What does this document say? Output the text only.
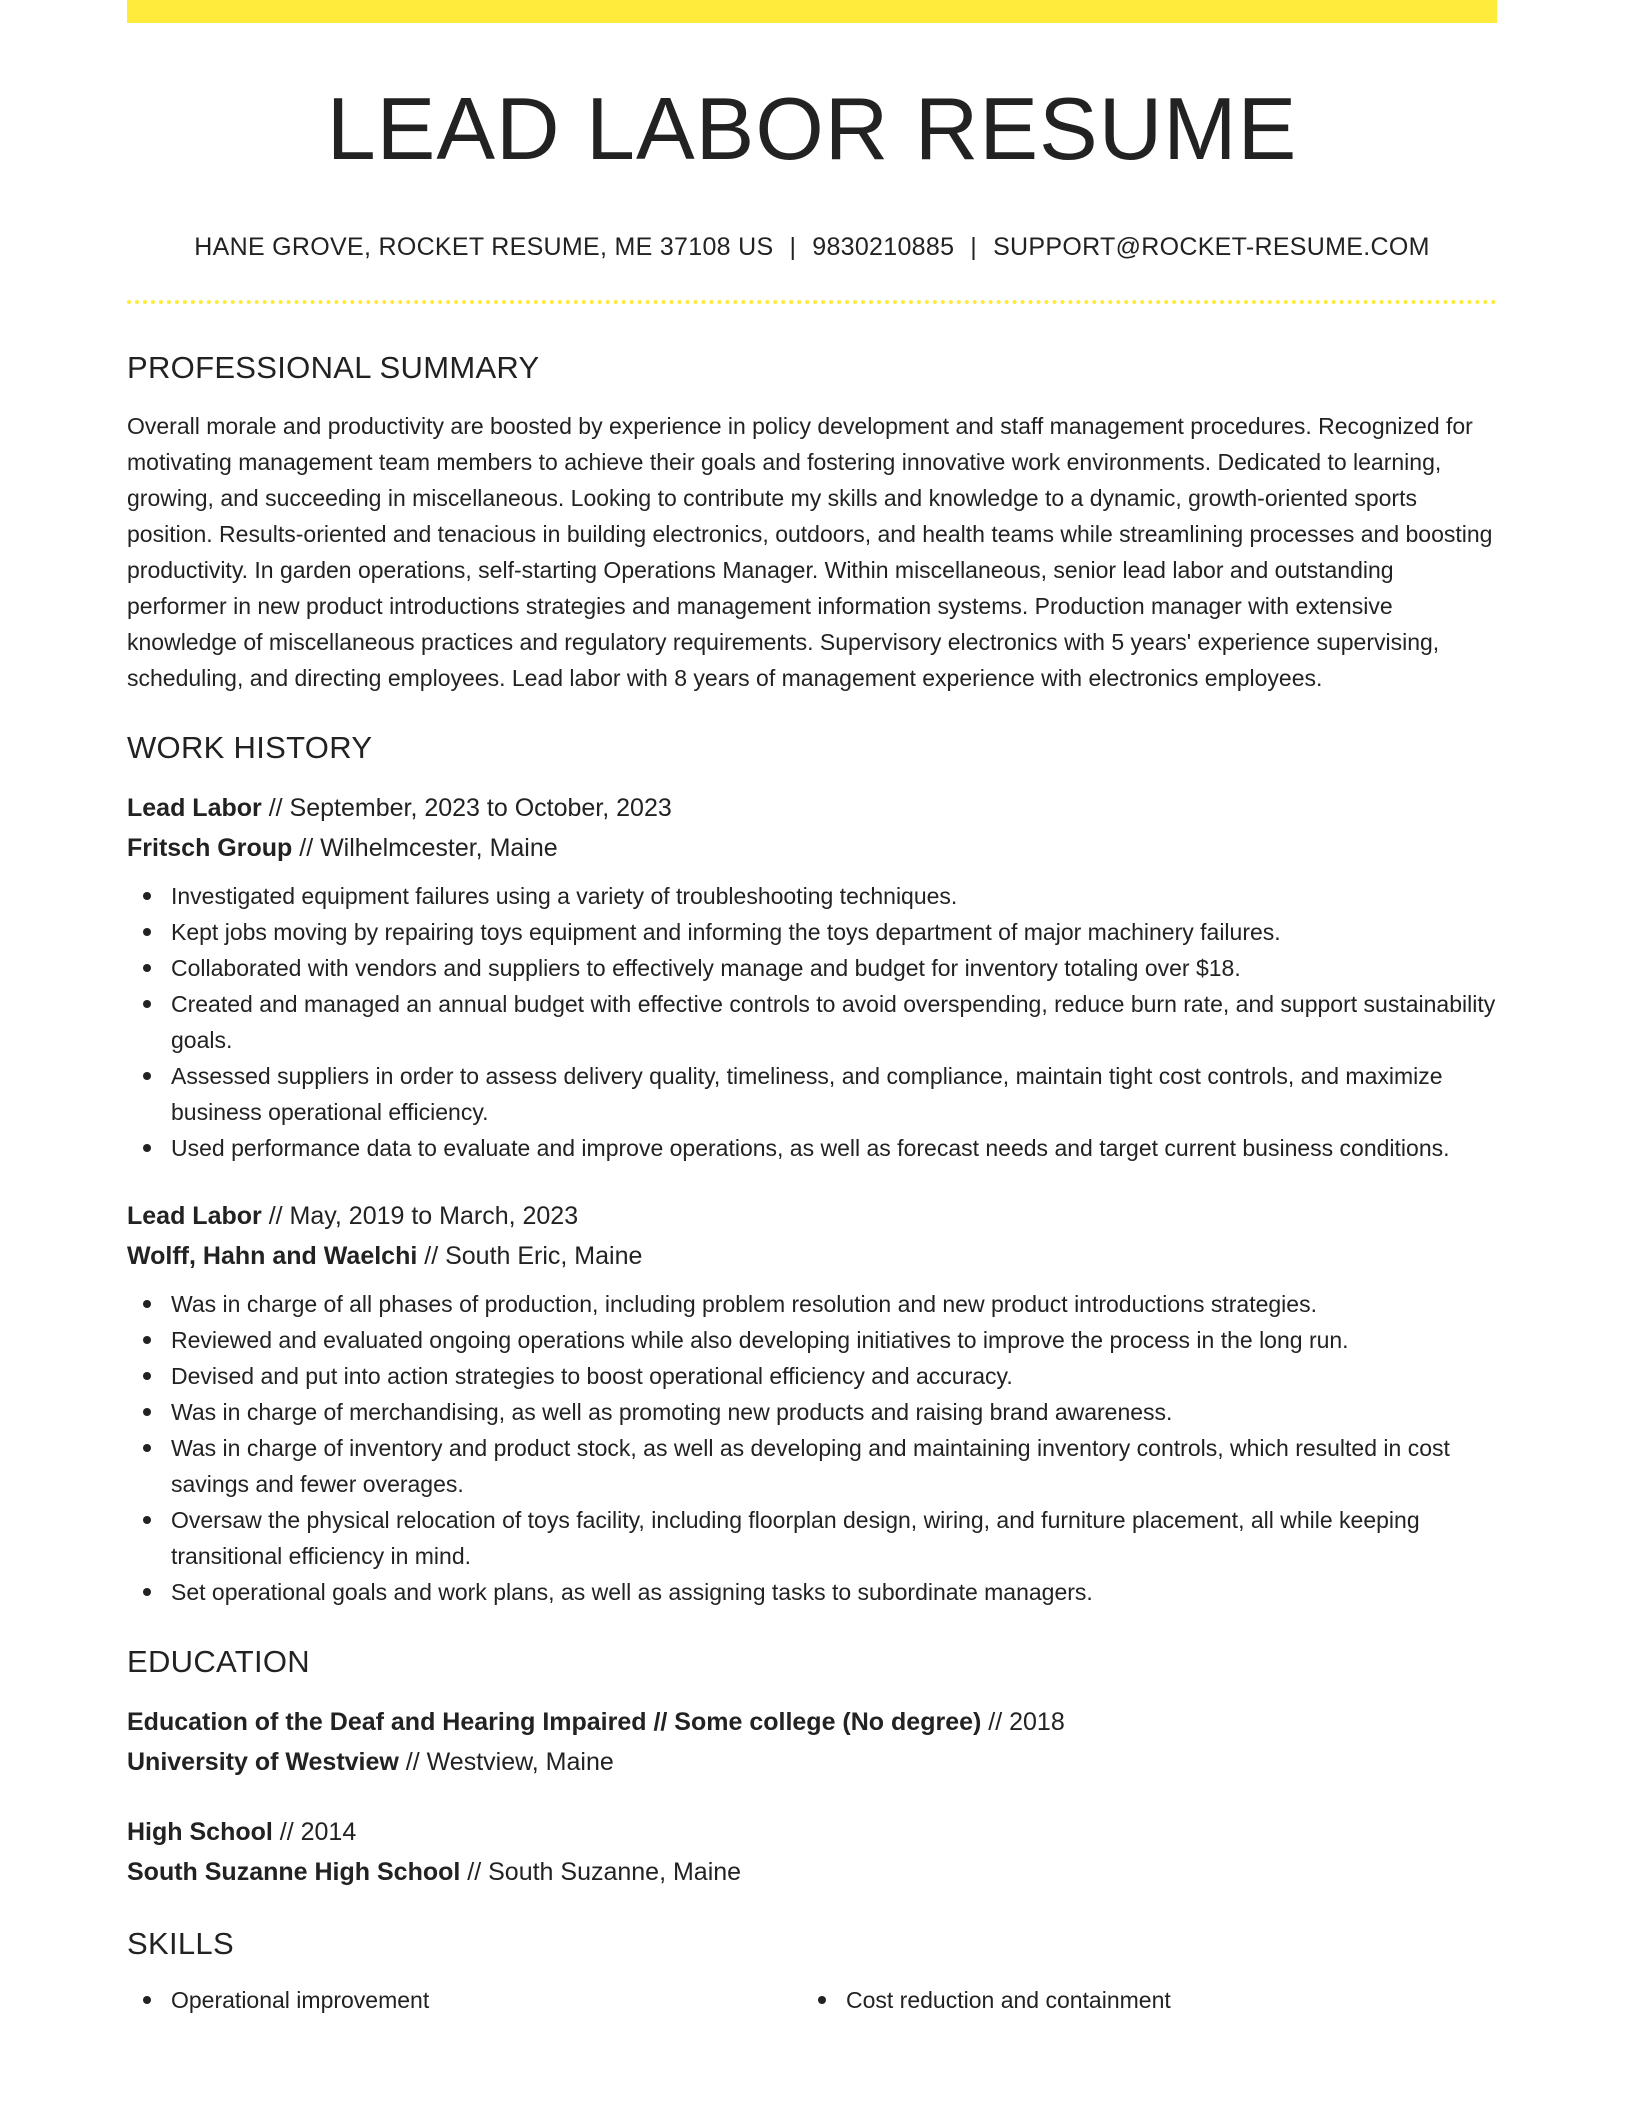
LEAD LABOR RESUME
HANE GROVE, ROCKET RESUME, ME 37108 US | 9830210885 | SUPPORT@ROCKET-RESUME.COM
PROFESSIONAL SUMMARY

Overall morale and productivity are boosted by experience in policy development and staff management procedures. Recognized for motivating management team members to achieve their goals and fostering innovative work environments. Dedicated to learning, growing, and succeeding in miscellaneous. Looking to contribute my skills and knowledge to a dynamic, growth-oriented sports position. Results-oriented and tenacious in building electronics, outdoors, and health teams while streamlining processes and boosting productivity. In garden operations, self-starting Operations Manager. Within miscellaneous, senior lead labor and outstanding performer in new product introductions strategies and management information systems. Production manager with extensive knowledge of miscellaneous practices and regulatory requirements. Supervisory electronics with 5 years' experience supervising, scheduling, and directing employees. Lead labor with 8 years of management experience with electronics employees.

WORK HISTORY
Lead Labor // September, 2023 to October, 2023
Fritsch Group // Wilhelmcester, Maine
Investigated equipment failures using a variety of troubleshooting techniques.
Kept jobs moving by repairing toys equipment and informing the toys department of major machinery failures.
Collaborated with vendors and suppliers to effectively manage and budget for inventory totaling over $18.
Created and managed an annual budget with effective controls to avoid overspending, reduce burn rate, and support sustainability goals.
Assessed suppliers in order to assess delivery quality, timeliness, and compliance, maintain tight cost controls, and maximize business operational efficiency.
Used performance data to evaluate and improve operations, as well as forecast needs and target current business conditions.
Lead Labor // May, 2019 to March, 2023
Wolff, Hahn and Waelchi // South Eric, Maine
Was in charge of all phases of production, including problem resolution and new product introductions strategies.
Reviewed and evaluated ongoing operations while also developing initiatives to improve the process in the long run.
Devised and put into action strategies to boost operational efficiency and accuracy.
Was in charge of merchandising, as well as promoting new products and raising brand awareness.
Was in charge of inventory and product stock, as well as developing and maintaining inventory controls, which resulted in cost savings and fewer overages.
Oversaw the physical relocation of toys facility, including floorplan design, wiring, and furniture placement, all while keeping transitional efficiency in mind.
Set operational goals and work plans, as well as assigning tasks to subordinate managers.
EDUCATION
Education of the Deaf and Hearing Impaired // Some college (No degree) // 2018
University of Westview // Westview, Maine
High School // 2014
South Suzanne High School // South Suzanne, Maine
SKILLS
Operational improvement	Cost reduction and containment
